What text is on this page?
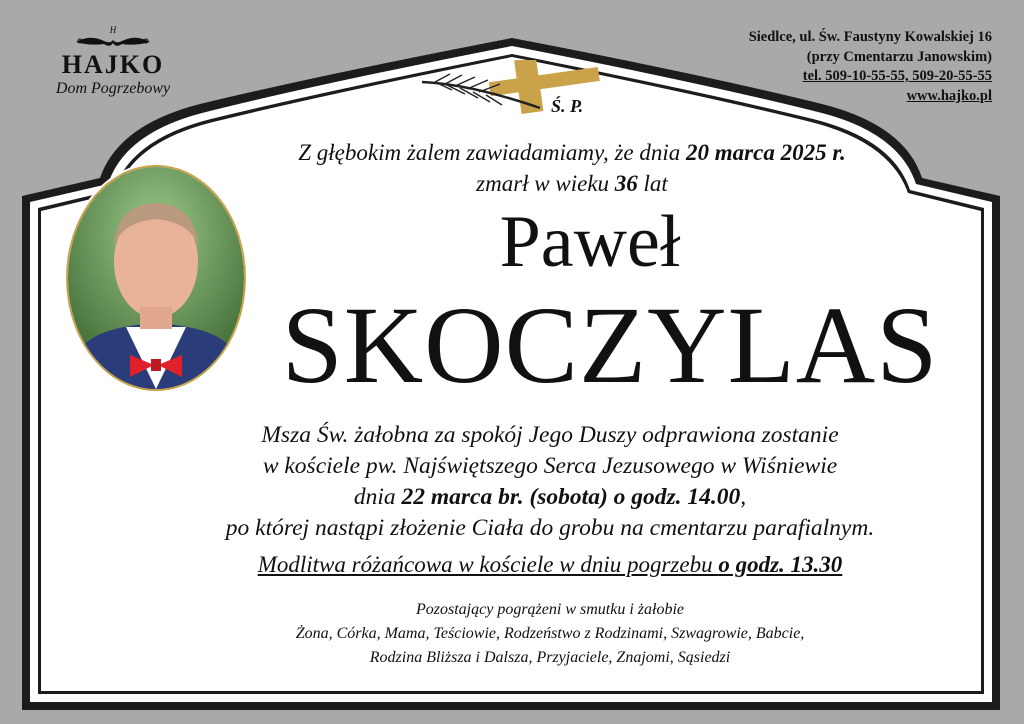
H
HAJKO
Dom Pogrzebowy
Siedlce, ul. Św. Faustyny Kowalskiej 16
(przy Cmentarzu Janowskim)
tel. 509-10-55-55, 509-20-55-55
www.hajko.pl
Ś. P.
Z głębokim żalem zawiadamiamy, że dnia 20 marca 2025 r.
zmarł w wieku 36 lat
Paweł
SKOCZYLAS
Msza Św. żałobna za spokój Jego Duszy odprawiona zostanie
w kościele pw. Najświętszego Serca Jezusowego w Wiśniewie
dnia 22 marca br. (sobota) o godz. 14.00,
po której nastąpi złożenie Ciała do grobu na cmentarzu parafialnym.
Modlitwa różańcowa w kościele w dniu pogrzebu o godz. 13.30
Pozostający pogrążeni w smutku i żałobie
Żona, Córka, Mama, Teściowie, Rodzeństwo z Rodzinami, Szwagrowie, Babcie,
Rodzina Bliższa i Dalsza, Przyjaciele, Znajomi, Sąsiedzi
